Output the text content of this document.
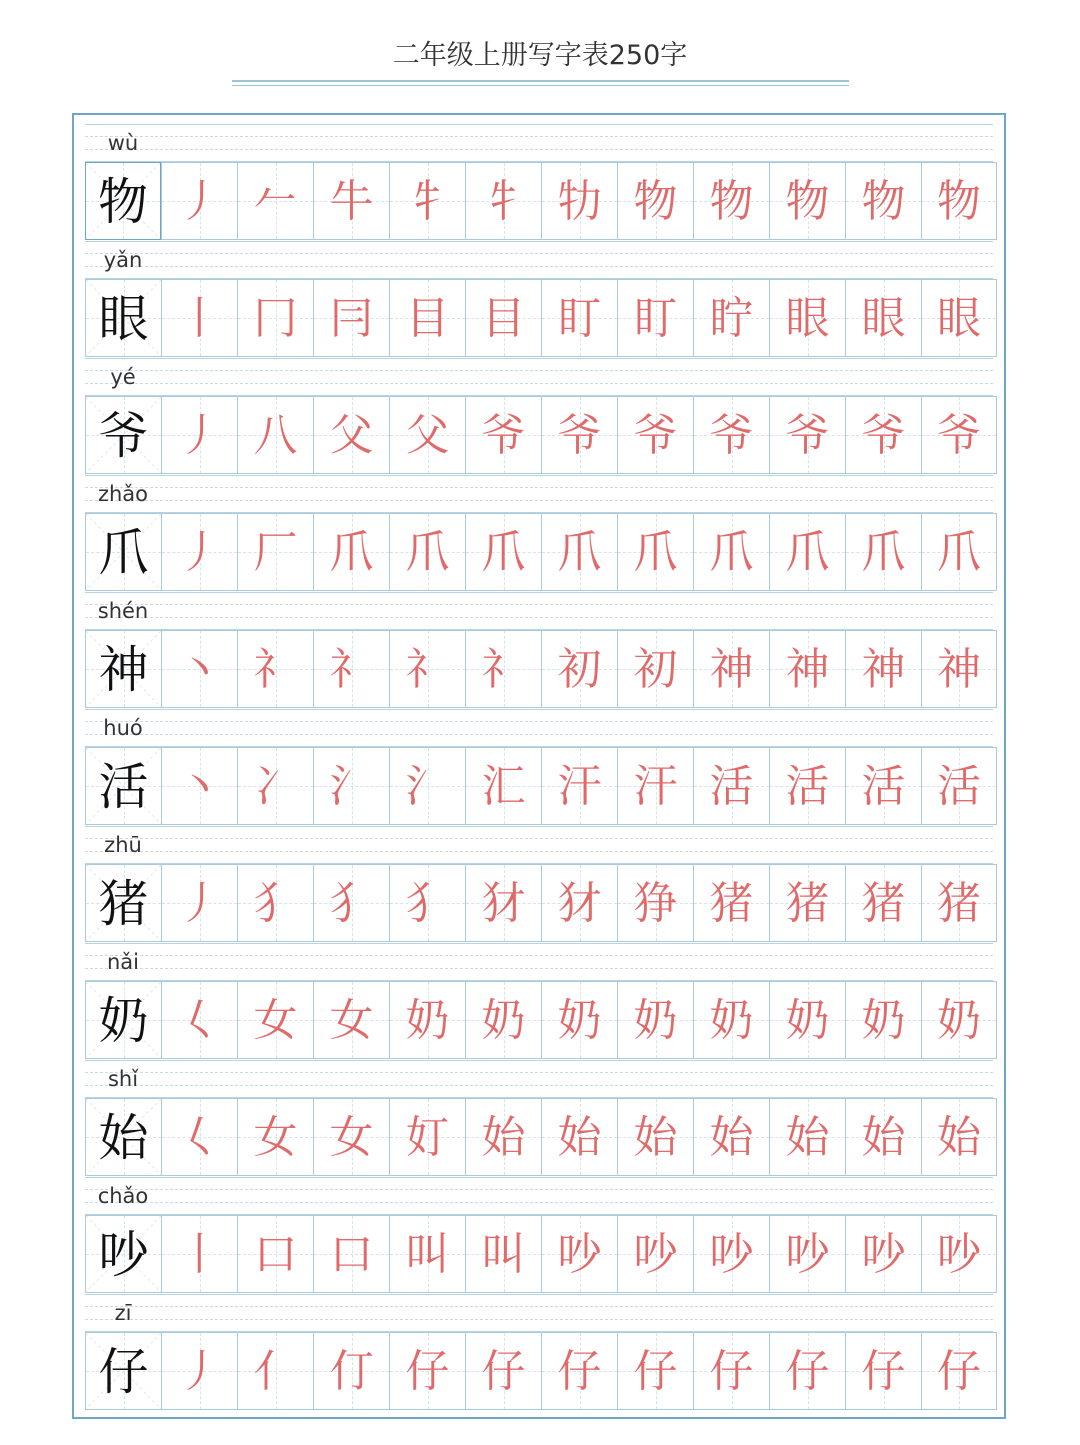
二年级上册写字表250字
wù
物 丿 𠂉 牛 牜 牜 牞 物 物 物 物 物
yǎn
眼 丨 冂 冃 目 目 盯 盯 眝 眼 眼 眼
yé
爷 丿 八 父 父 爷 爷 爷 爷 爷 爷 爷
zhǎo
爪 丿 厂 爪 爪 爪 爪 爪 爪 爪 爪 爪
shén
神 丶 礻 礻 礻 礻 初 初 神 神 神 神
huó
活 丶 冫 氵 氵 汇 汗 汗 活 活 活 活
zhū
猪 丿 犭 犭 犭 犲 犲 狰 猪 猪 猪 猪
nǎi
奶 𡿨 女 女 奶 奶 奶 奶 奶 奶 奶 奶
shǐ
始 𡿨 女 女 奵 始 始 始 始 始 始 始
chǎo
吵 丨 口 口 叫 叫 吵 吵 吵 吵 吵 吵
zī
仔 丿 亻 仃 仔 仔 仔 仔 仔 仔 仔 仔
